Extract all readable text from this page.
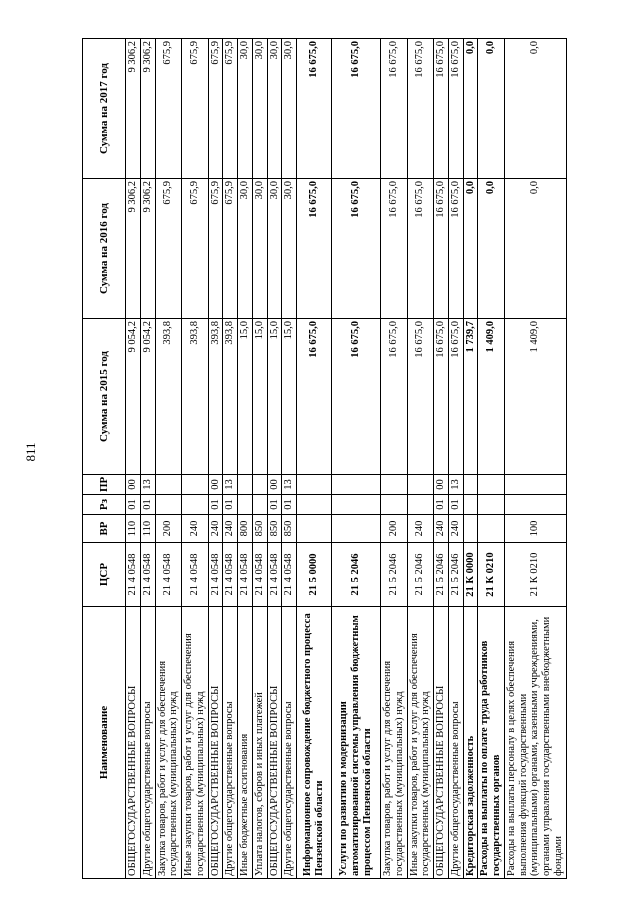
811
Наименование	ЦСР	ВР	Рз	ПР	Сумма на 2015 год	Сумма на 2016 год	Сумма на 2017 год
ОБЩЕГОСУДАРСТВЕННЫЕ ВОПРОСЫ	21 4 0548	110	01	00	9 054,2	9 306,2	9 306,2
Другие общегосударственные вопросы	21 4 0548	110	01	13	9 054,2	9 306,2	9 306,2
Закупка товаров, работ и услуг для обеспечения государственных (муниципальных) нужд	21 4 0548	200			393,8	675,9	675,9
Иные закупки товаров, работ и услуг для обеспечения государственных (муниципальных) нужд	21 4 0548	240			393,8	675,9	675,9
ОБЩЕГОСУДАРСТВЕННЫЕ ВОПРОСЫ	21 4 0548	240	01	00	393,8	675,9	675,9
Другие общегосударственные вопросы	21 4 0548	240	01	13	393,8	675,9	675,9
Иные бюджетные ассигнования	21 4 0548	800			15,0	30,0	30,0
Уплата налогов, сборов и иных платежей	21 4 0548	850			15,0	30,0	30,0
ОБЩЕГОСУДАРСТВЕННЫЕ ВОПРОСЫ	21 4 0548	850	01	00	15,0	30,0	30,0
Другие общегосударственные вопросы	21 4 0548	850	01	13	15,0	30,0	30,0
Информационное сопровождение бюджетного процесса Пензенской области	21 5 0000				16 675,0	16 675,0	16 675,0
Услуги по развитию и модернизации автоматизированной системы управления бюджетным процессом Пензенской области	21 5 2046				16 675,0	16 675,0	16 675,0
Закупка товаров, работ и услуг для обеспечения государственных (муниципальных) нужд	21 5 2046	200			16 675,0	16 675,0	16 675,0
Иные закупки товаров, работ и услуг для обеспечения государственных (муниципальных) нужд	21 5 2046	240			16 675,0	16 675,0	16 675,0
ОБЩЕГОСУДАРСТВЕННЫЕ ВОПРОСЫ	21 5 2046	240	01	00	16 675,0	16 675,0	16 675,0
Другие общегосударственные вопросы	21 5 2046	240	01	13	16 675,0	16 675,0	16 675,0
Кредиторская задолженность	21 К 0000				1 739,7	0,0	0,0
Расходы на выплаты по оплате труда работников государственных органов	21 К 0210				1 409,0	0,0	0,0
Расходы на выплаты персоналу в целях обеспечения выполнения функций государственными (муниципальными) органами, казенными учреждениями, органами управления государственными внебюджетными фондами	21 К 0210	100			1 409,0	0,0	0,0
